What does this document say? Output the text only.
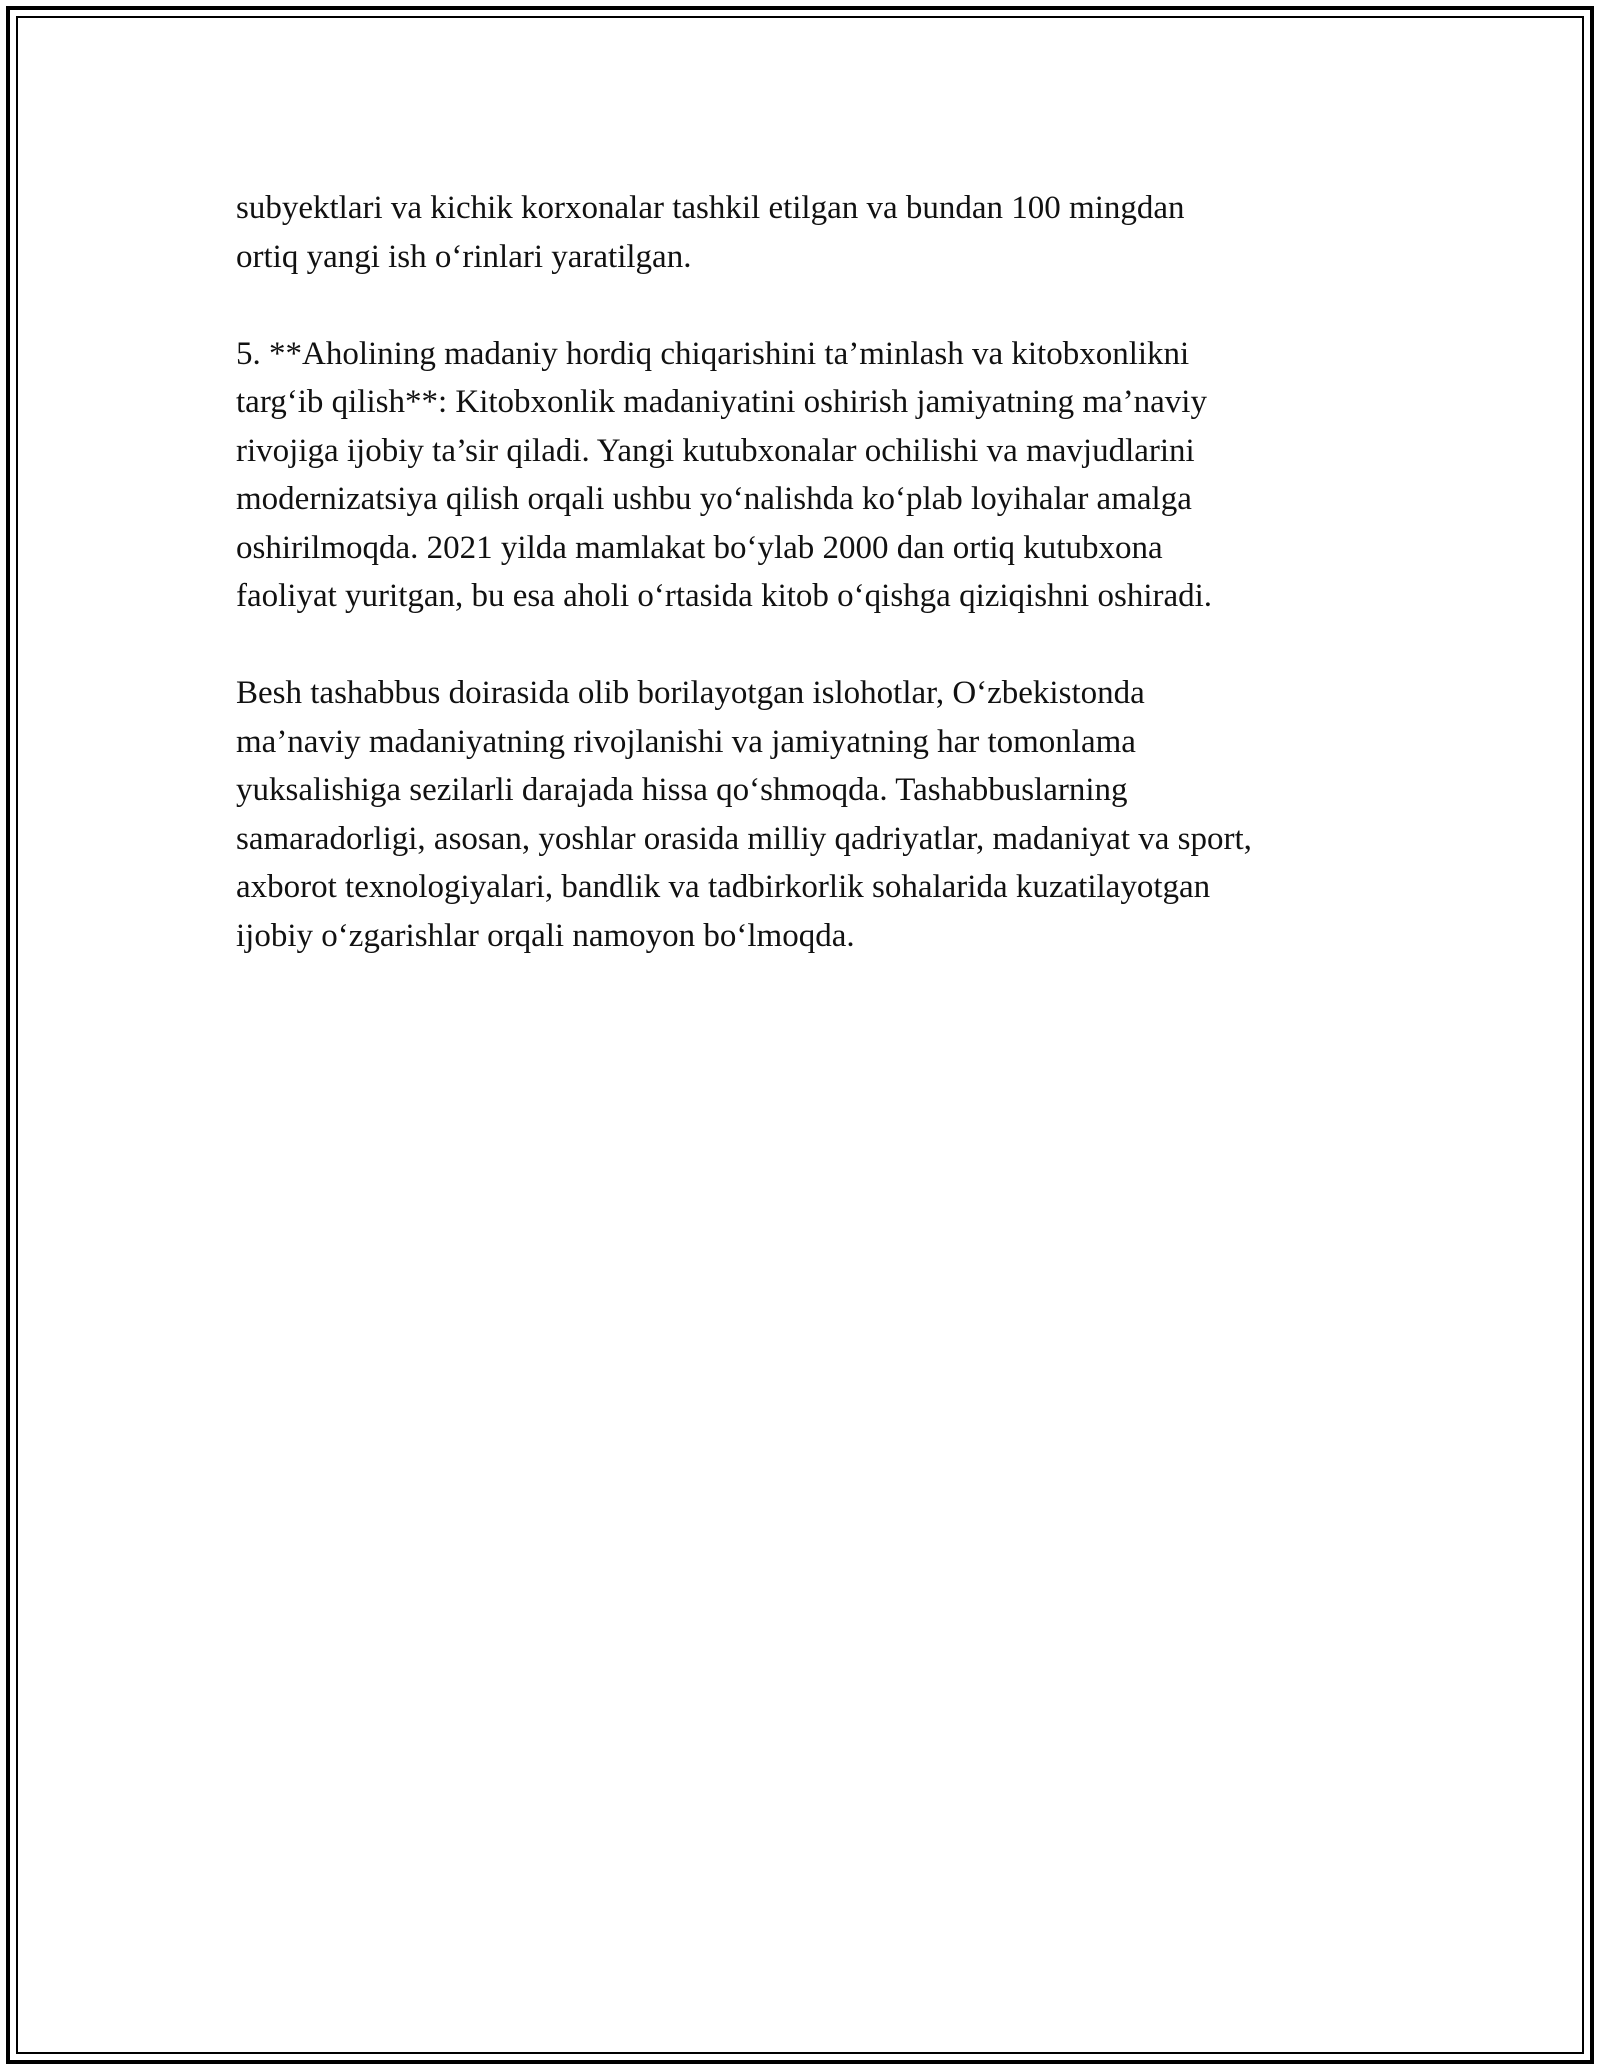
subyektlari va kichik korxonalar tashkil etilgan va bundan 100 mingdan
ortiq yangi ish o‘rinlari yaratilgan.
5. **Aholining madaniy hordiq chiqarishini ta’minlash va kitobxonlikni
targ‘ib qilish**: Kitobxonlik madaniyatini oshirish jamiyatning ma’naviy
rivojiga ijobiy ta’sir qiladi. Yangi kutubxonalar ochilishi va mavjudlarini
modernizatsiya qilish orqali ushbu yo‘nalishda ko‘plab loyihalar amalga
oshirilmoqda. 2021 yilda mamlakat bo‘ylab 2000 dan ortiq kutubxona
faoliyat yuritgan, bu esa aholi o‘rtasida kitob o‘qishga qiziqishni oshiradi.
Besh tashabbus doirasida olib borilayotgan islohotlar, O‘zbekistonda
ma’naviy madaniyatning rivojlanishi va jamiyatning har tomonlama
yuksalishiga sezilarli darajada hissa qo‘shmoqda. Tashabbuslarning
samaradorligi, asosan, yoshlar orasida milliy qadriyatlar, madaniyat va sport,
axborot texnologiyalari, bandlik va tadbirkorlik sohalarida kuzatilayotgan
ijobiy o‘zgarishlar orqali namoyon bo‘lmoqda.
